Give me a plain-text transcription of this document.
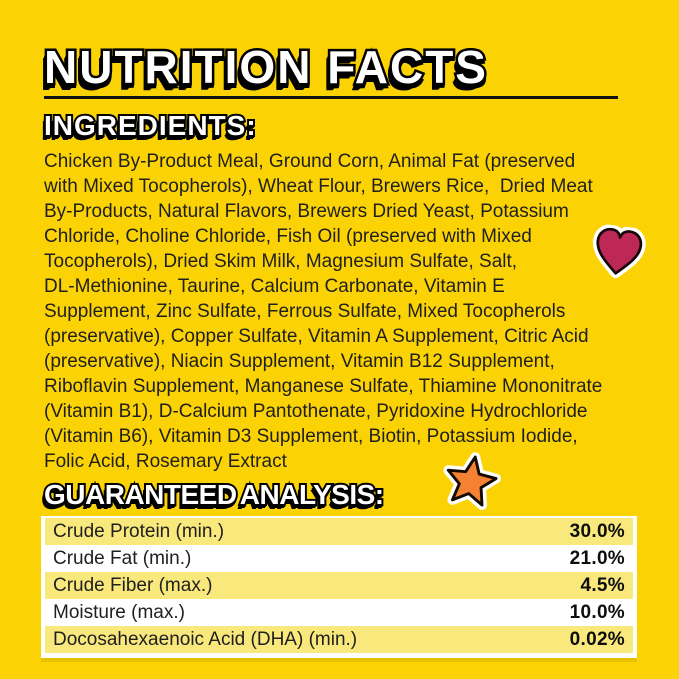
NUTRITION FACTS
INGREDIENTS:
Chicken By-Product Meal, Ground Corn, Animal Fat (preserved
with Mixed Tocopherols), Wheat Flour, Brewers Rice,  Dried Meat
By-Products, Natural Flavors, Brewers Dried Yeast, Potassium
Chloride, Choline Chloride, Fish Oil (preserved with Mixed
Tocopherols), Dried Skim Milk, Magnesium Sulfate, Salt,
DL-Methionine, Taurine, Calcium Carbonate, Vitamin E
Supplement, Zinc Sulfate, Ferrous Sulfate, Mixed Tocopherols
(preservative), Copper Sulfate, Vitamin A Supplement, Citric Acid
(preservative), Niacin Supplement, Vitamin B12 Supplement,
Riboflavin Supplement, Manganese Sulfate, Thiamine Mononitrate
(Vitamin B1), D-Calcium Pantothenate, Pyridoxine Hydrochloride
(Vitamin B6), Vitamin D3 Supplement, Biotin, Potassium Iodide,
Folic Acid, Rosemary Extract
GUARANTEED ANALYSIS:
Crude Protein (min.)	30.0%
Crude Fat (min.)	21.0%
Crude Fiber (max.)	4.5%
Moisture (max.)	10.0%
Docosahexaenoic Acid (DHA) (min.)	0.02%
